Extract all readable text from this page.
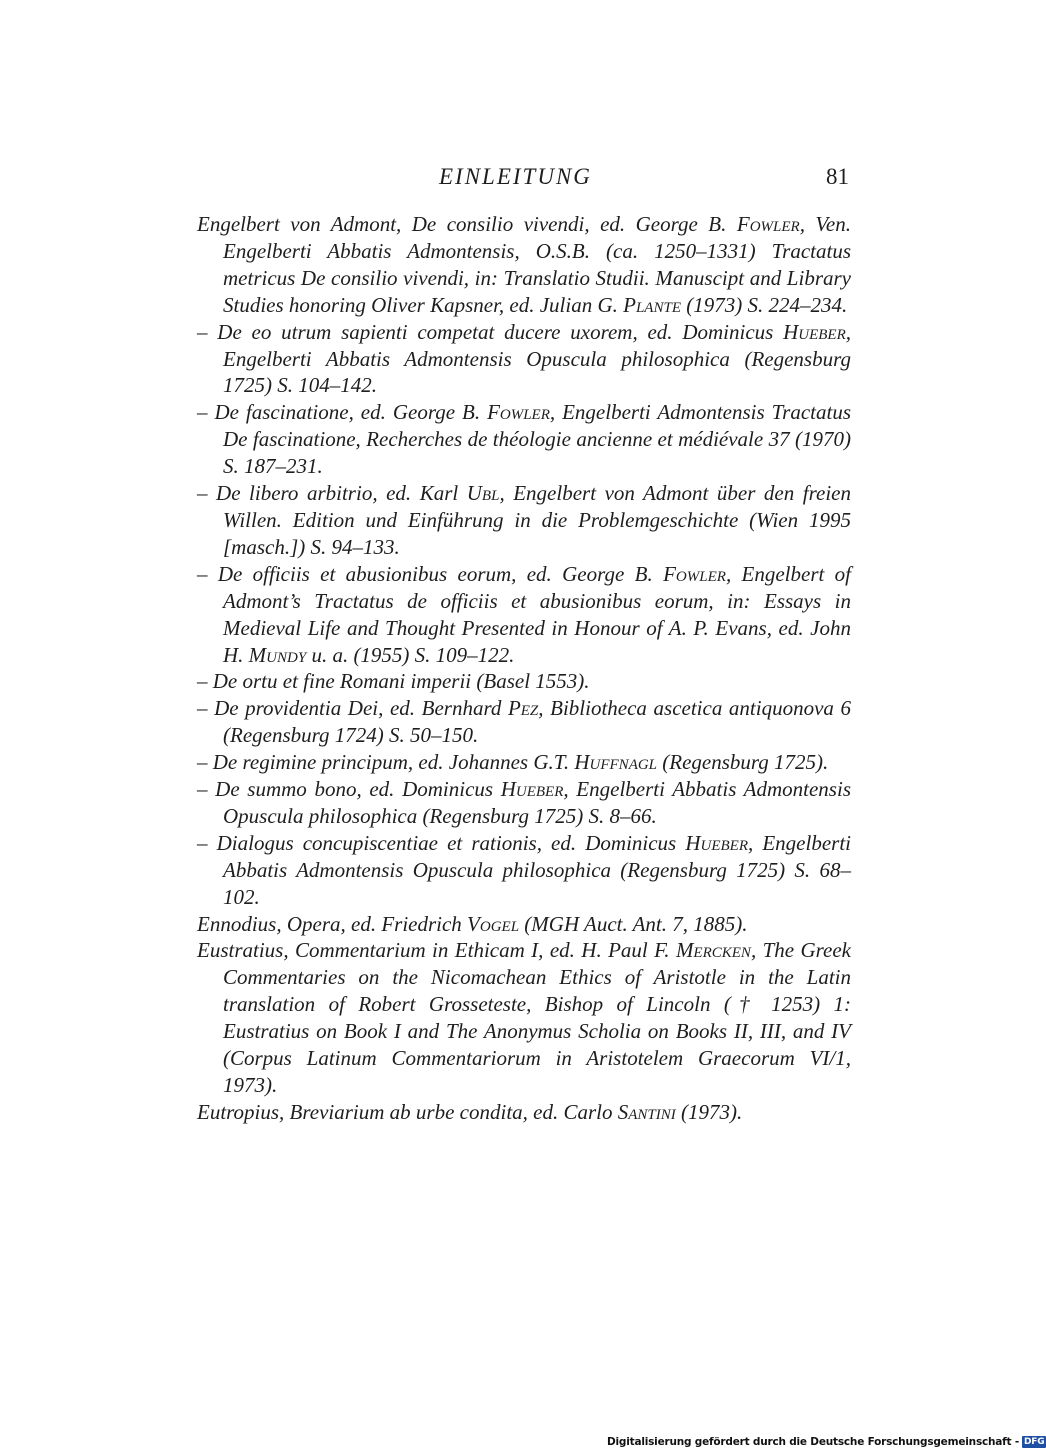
EINLEITUNG	81
Engelbert von Admont, De consilio vivendi, ed. George B. Fowler, Ven. Engelberti Abbatis Admontensis, O.S.B. (ca. 1250–1331) Tractatus metricus De consilio vivendi, in: Translatio Studii. Manuscipt and Library Studies honoring Oliver Kapsner, ed. Julian G. Plante (1973) S. 224–234.
– De eo utrum sapienti competat ducere uxorem, ed. Dominicus Hueber, Engelberti Abbatis Admontensis Opuscula philosophica (Regensburg 1725) S. 104–142.
– De fascinatione, ed. George B. Fowler, Engelberti Admontensis Tractatus De fascinatione, Recherches de théologie ancienne et médiévale 37 (1970) S. 187–231.
– De libero arbitrio, ed. Karl Ubl, Engelbert von Admont über den freien Willen. Edition und Einführung in die Problemgeschichte (Wien 1995 [masch.]) S. 94–133.
– De officiis et abusionibus eorum, ed. George B. Fowler, Engelbert of Admont’s Tractatus de officiis et abusionibus eorum, in: Essays in Medieval Life and Thought Presented in Honour of A. P. Evans, ed. John H. Mundy u. a. (1955) S. 109–122.
– De ortu et fine Romani imperii (Basel 1553).
– De providentia Dei, ed. Bernhard Pez, Bibliotheca ascetica antiquonova 6 (Regensburg 1724) S. 50–150.
– De regimine principum, ed. Johannes G.T. Huffnagl (Regensburg 1725).
– De summo bono, ed. Dominicus Hueber, Engelberti Abbatis Admontensis Opuscula philosophica (Regensburg 1725) S. 8–66.
– Dialogus concupiscentiae et rationis, ed. Dominicus Hueber, Engelberti Abbatis Admontensis Opuscula philosophica (Regensburg 1725) S. 68–102.
Ennodius, Opera, ed. Friedrich Vogel (MGH Auct. Ant. 7, 1885).
Eustratius, Commentarium in Ethicam I, ed. H. Paul F. Mercken, The Greek Commentaries on the Nicomachean Ethics of Aristotle in the Latin translation of Robert Grosseteste, Bishop of Lincoln († 1253) 1: Eustratius on Book I and The Anonymus Scholia on Books II, III, and IV (Corpus Latinum Commentariorum in Aristotelem Graecorum VI/1, 1973).
Eutropius, Breviarium ab urbe condita, ed. Carlo Santini (1973).
Digitalisierung gefördert durch die Deutsche Forschungsgemeinschaft - DFG
